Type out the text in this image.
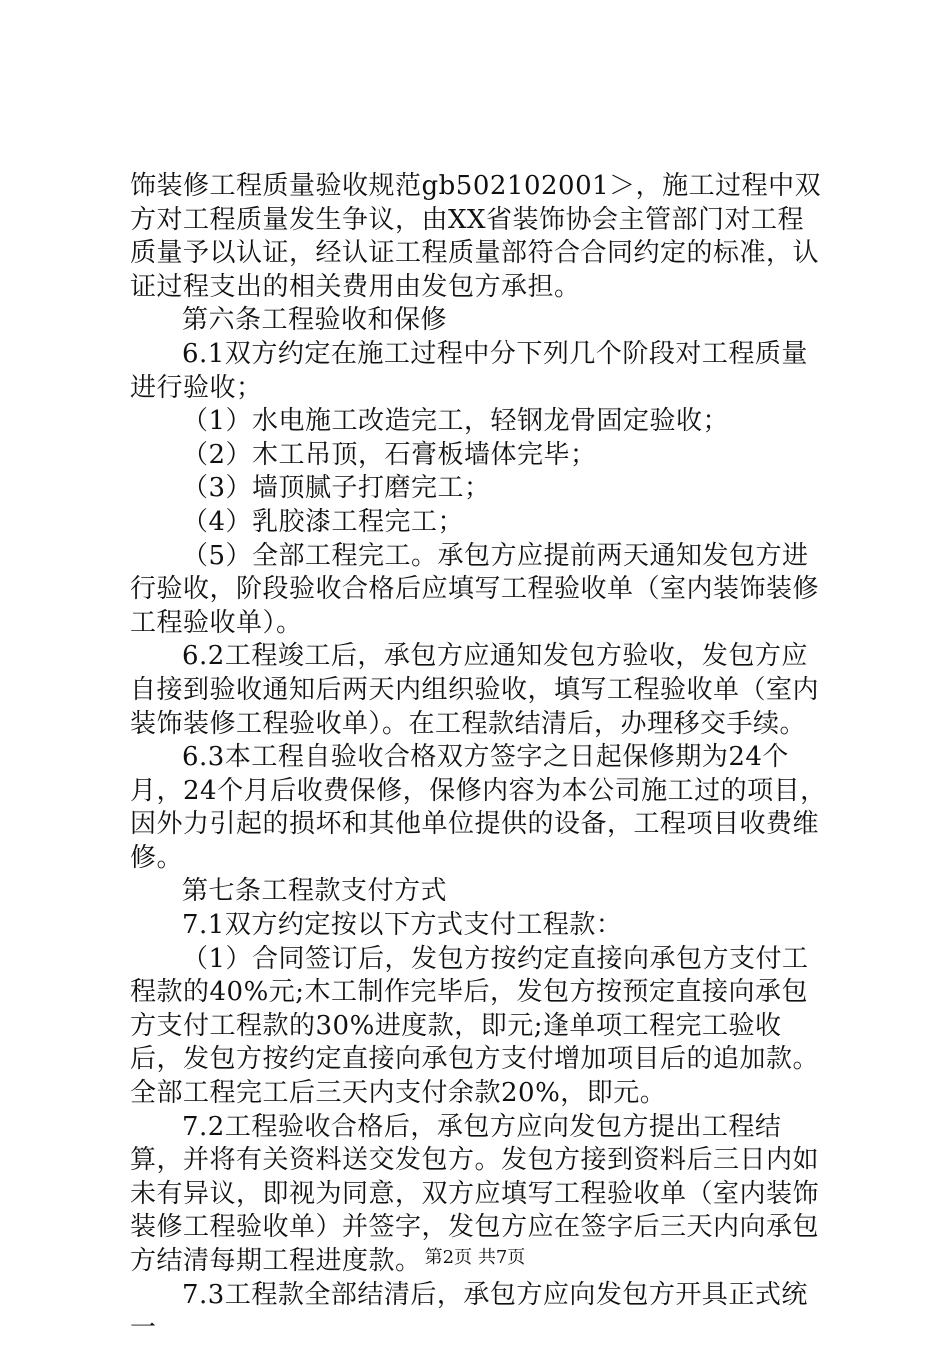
饰装修工程质量验收规范gb502102001＞，施工过程中双方对工程质量发生争议，由XX省装饰协会主管部门对工程质量予以认证，经认证工程质量部符合合同约定的标准，认证过程支出的相关费用由发包方承担。

第六条工程验收和保修

6.1双方约定在施工过程中分下列几个阶段对工程质量进行验收；

（1）水电施工改造完工，轻钢龙骨固定验收；

（2）木工吊顶，石膏板墙体完毕；

（3）墙顶腻子打磨完工；

（4）乳胶漆工程完工；

（5）全部工程完工。承包方应提前两天通知发包方进行验收，阶段验收合格后应填写工程验收单（室内装饰装修工程验收单）。

6.2工程竣工后，承包方应通知发包方验收，发包方应自接到验收通知后两天内组织验收，填写工程验收单（室内装饰装修工程验收单）。在工程款结清后，办理移交手续。

6.3本工程自验收合格双方签字之日起保修期为24个月，24个月后收费保修，保修内容为本公司施工过的项目，因外力引起的损坏和其他单位提供的设备，工程项目收费维修。

第七条工程款支付方式

7.1双方约定按以下方式支付工程款：

（1）合同签订后，发包方按约定直接向承包方支付工程款的40%元;木工制作完毕后，发包方按预定直接向承包方支付工程款的30%进度款，即元;逢单项工程完工验收后，发包方按约定直接向承包方支付增加项目后的追加款。全部工程完工后三天内支付余款20%，即元。

7.2工程验收合格后，承包方应向发包方提出工程结算，并将有关资料送交发包方。发包方接到资料后三日内如未有异议，即视为同意，双方应填写工程验收单（室内装饰装修工程验收单）并签字，发包方应在签字后三天内向承包方结清每期工程进度款。

7.3工程款全部结清后，承包方应向发包方开具正式统一

第2页 共7页
